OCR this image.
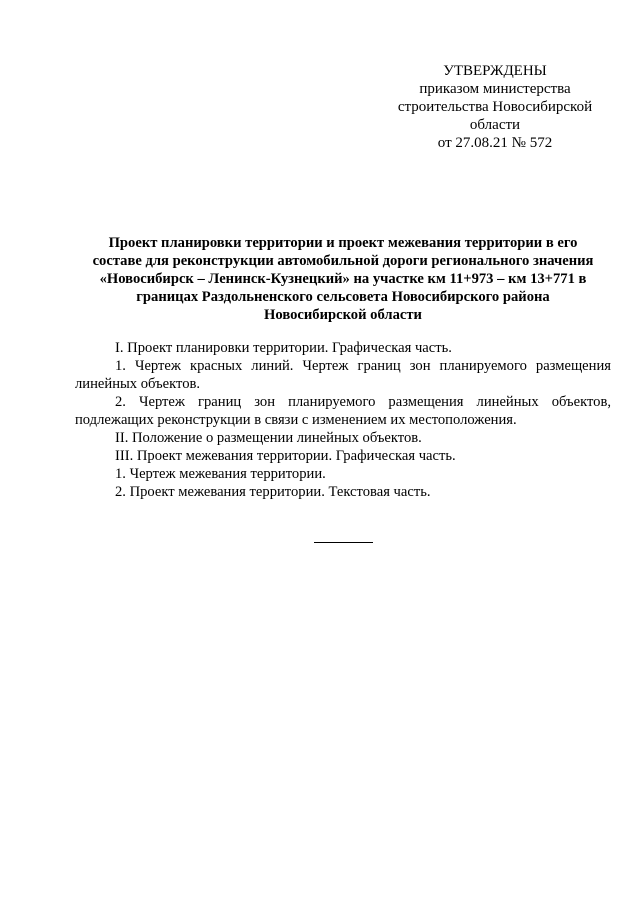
УТВЕРЖДЕНЫ
приказом министерства
строительства Новосибирской
области
от 27.08.21 № 572
Проект планировки территории и проект межевания территории в его
составе для реконструкции автомобильной дороги регионального значения
«Новосибирск – Ленинск-Кузнецкий» на участке км 11+973 – км 13+771 в
границах Раздольненского сельсовета Новосибирского района
Новосибирской области

I. Проект планировки территории. Графическая часть.

1. Чертеж красных линий. Чертеж границ зон планируемого размещения линейных объектов.

2. Чертеж границ зон планируемого размещения линейных объектов, подлежащих реконструкции в связи с изменением их местоположения.

II. Положение о размещении линейных объектов.

III. Проект межевания территории. Графическая часть.

1. Чертеж межевания территории.

2. Проект межевания территории. Текстовая часть.
